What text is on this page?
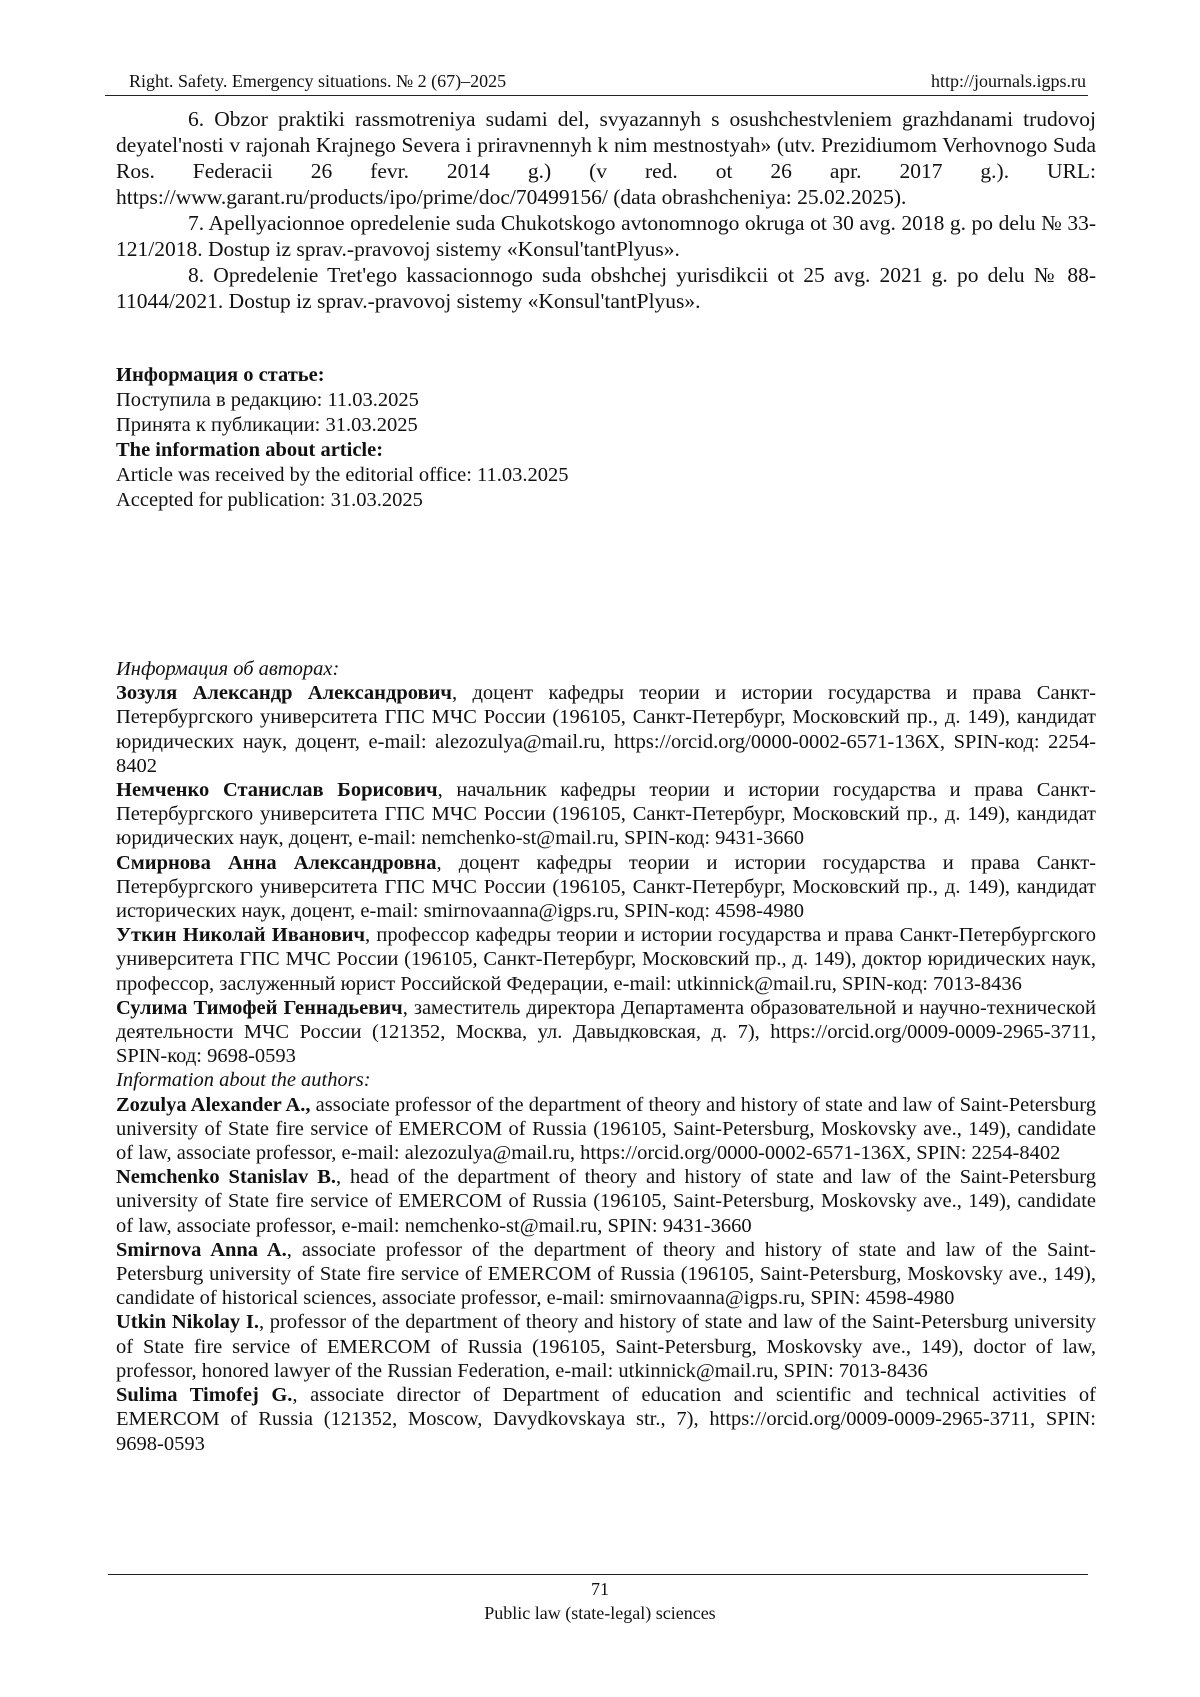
Right. Safety. Emergency situations. № 2 (67)–2025	http://journals.igps.ru

6. Obzor praktiki rassmotreniya sudami del, svyazannyh s osushchestvleniem grazhdanami trudovoj deyatel'nosti v rajonah Krajnego Severa i priravnennyh k nim mestnostyah» (utv. Prezidiumom Verhovnogo Suda Ros. Federacii 26 fevr. 2014 g.) (v red. ot 26 apr. 2017 g.). URL: https://www.garant.ru/products/ipo/prime/doc/70499156/ (data obrashcheniya: 25.02.2025).

7. Apellyacionnoe opredelenie suda Chukotskogo avtonomnogo okruga ot 30 avg. 2018 g. po delu № 33-121/2018. Dostup iz sprav.-pravovoj sistemy «Konsul'tantPlyus».

8. Opredelenie Tret'ego kassacionnogo suda obshchej yurisdikcii ot 25 avg. 2021 g. po delu № 88-11044/2021. Dostup iz sprav.-pravovoj sistemy «Konsul'tantPlyus».

Информация о статье:
Поступила в редакцию: 11.03.2025
Принята к публикации: 31.03.2025
The information about article:
Article was received by the editorial office: 11.03.2025
Accepted for publication: 31.03.2025

Информация об авторах:

Зозуля Александр Александрович, доцент кафедры теории и истории государства и права Санкт-Петербургского университета ГПС МЧС России (196105, Санкт-Петербург, Московский пр., д. 149), кандидат юридических наук, доцент, e-mail: alezozulya@mail.ru, https://orcid.org/0000-0002-6571-136X, SPIN-код: 2254-8402

Немченко Станислав Борисович, начальник кафедры теории и истории государства и права Санкт-Петербургского университета ГПС МЧС России (196105, Санкт-Петербург, Московский пр., д. 149), кандидат юридических наук, доцент, e-mail: nemchenko-st@mail.ru, SPIN-код: 9431-3660

Смирнова Анна Александровна, доцент кафедры теории и истории государства и права Санкт-Петербургского университета ГПС МЧС России (196105, Санкт-Петербург, Московский пр., д. 149), кандидат исторических наук, доцент, e-mail: smirnovaanna@igps.ru, SPIN-код: 4598-4980

Уткин Николай Иванович, профессор кафедры теории и истории государства и права Санкт-Петербургского университета ГПС МЧС России (196105, Санкт-Петербург, Московский пр., д. 149), доктор юридических наук, профессор, заслуженный юрист Российской Федерации, e-mail: utkinnick@mail.ru, SPIN-код: 7013-8436

Сулима Тимофей Геннадьевич, заместитель директора Департамента образовательной и научно-технической деятельности МЧС России (121352, Москва, ул. Давыдковская, д. 7), https://orcid.org/0009-0009-2965-3711, SPIN-код: 9698-0593

Information about the authors:

Zozulya Alexander A., associate professor of the department of theory and history of state and law of Saint-Petersburg university of State fire service of EMERCOM of Russia (196105, Saint-Petersburg, Moskovsky ave., 149), candidate of law, associate professor, e-mail: alezozulya@mail.ru, https://orcid.org/0000-0002-6571-136X, SPIN: 2254-8402

Nemchenko Stanislav B., head of the department of theory and history of state and law of the Saint-Petersburg university of State fire service of EMERCOM of Russia (196105, Saint-Petersburg, Moskovsky ave., 149), candidate of law, associate professor, e-mail: nemchenko-st@mail.ru, SPIN: 9431-3660

Smirnova Anna A., associate professor of the department of theory and history of state and law of the Saint-Petersburg university of State fire service of EMERCOM of Russia (196105, Saint-Petersburg, Moskovsky ave., 149), candidate of historical sciences, associate professor, e-mail: smirnovaanna@igps.ru, SPIN: 4598-4980

Utkin Nikolay I., professor of the department of theory and history of state and law of the Saint-Petersburg university of State fire service of EMERCOM of Russia (196105, Saint-Petersburg, Moskovsky ave., 149), doctor of law, professor, honored lawyer of the Russian Federation, e-mail: utkinnick@mail.ru, SPIN: 7013-8436

Sulima Timofej G., associate director of Department of education and scientific and technical activities of EMERCOM of Russia (121352, Moscow, Davydkovskaya str., 7), https://orcid.org/0009-0009-2965-3711, SPIN: 9698-0593

71
Public law (state-legal) sciences
